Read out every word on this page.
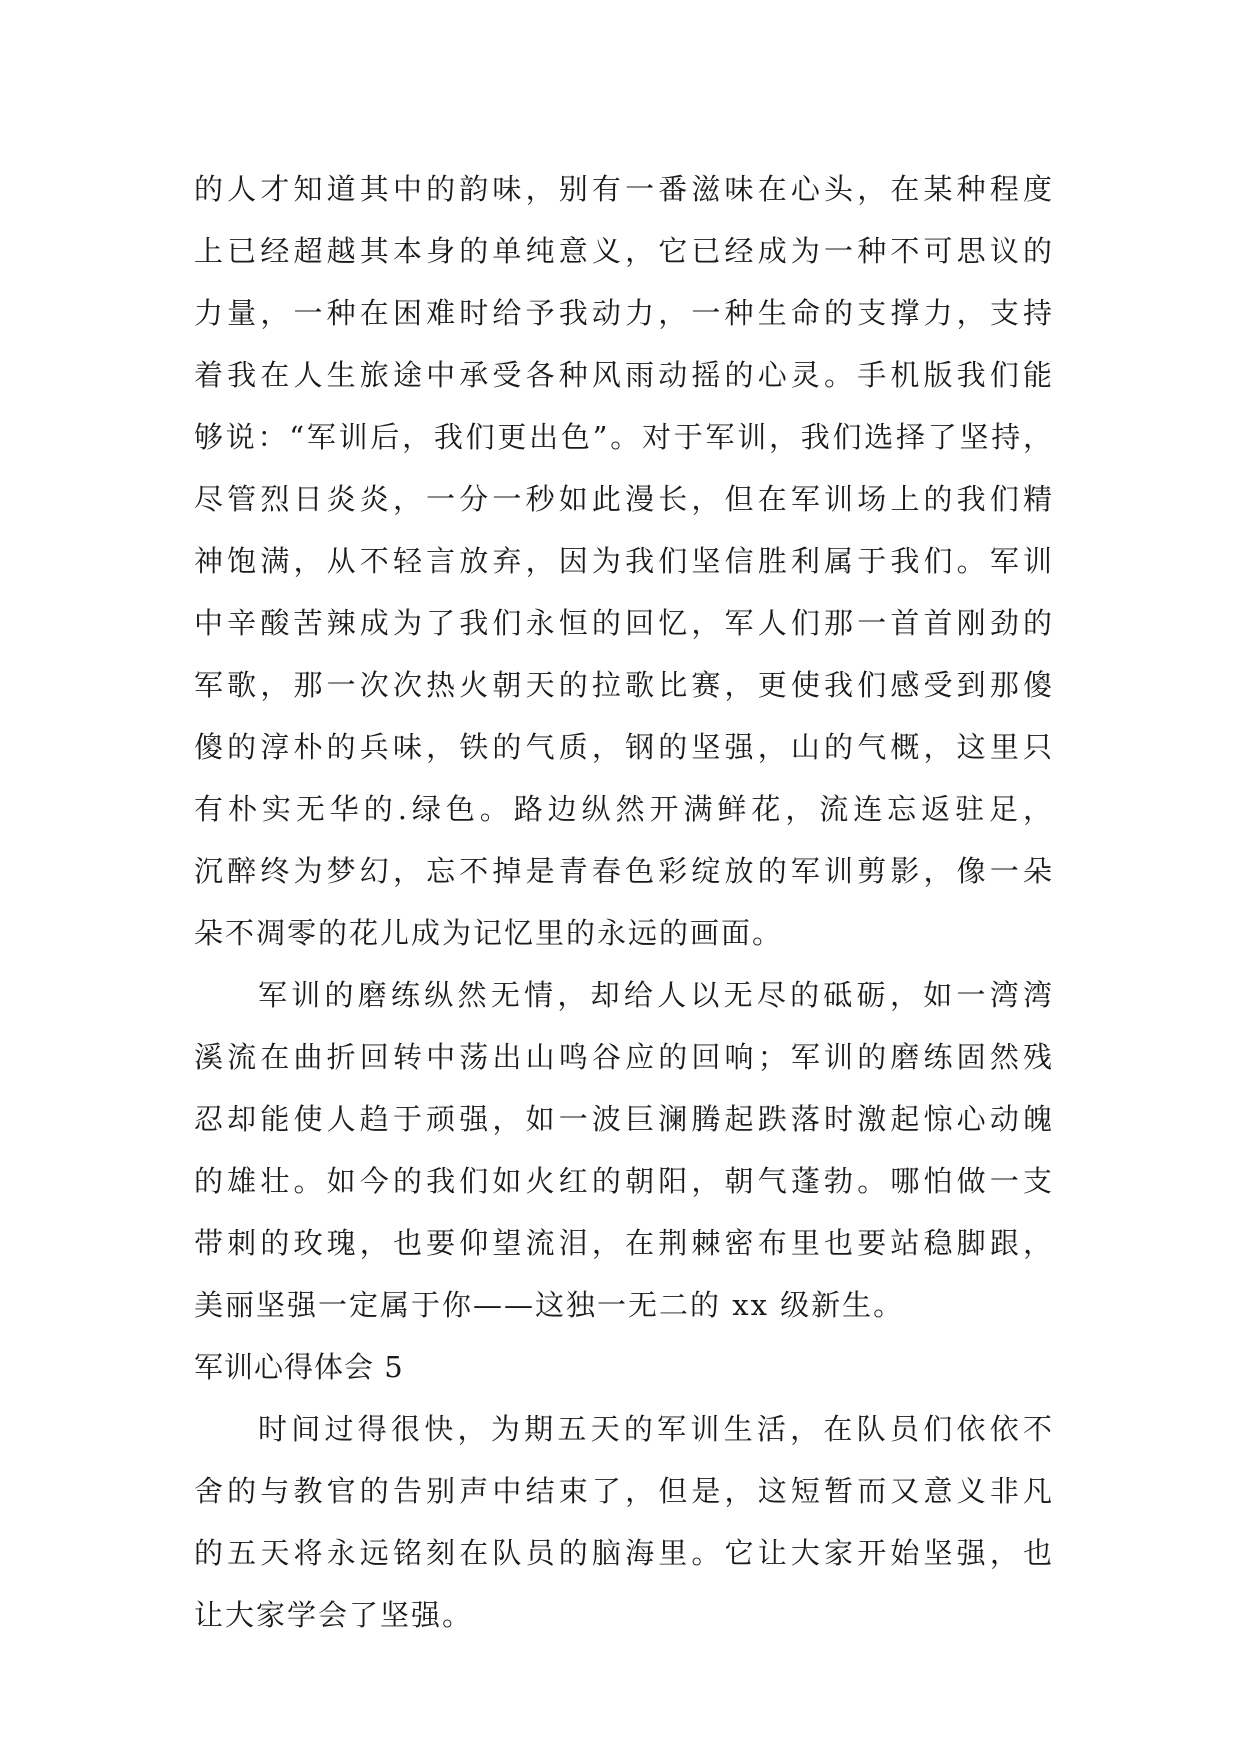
的人才知道其中的韵味，别有一番滋味在心头，在某种程度
上已经超越其本身的单纯意义，它已经成为一种不可思议的
力量，一种在困难时给予我动力，一种生命的支撑力，支持
着我在人生旅途中承受各种风雨动摇的心灵。手机版我们能
够说：“军训后，我们更出色”。对于军训，我们选择了坚持，
尽管烈日炎炎，一分一秒如此漫长，但在军训场上的我们精
神饱满，从不轻言放弃，因为我们坚信胜利属于我们。军训
中辛酸苦辣成为了我们永恒的回忆，军人们那一首首刚劲的
军歌，那一次次热火朝天的拉歌比赛，更使我们感受到那傻
傻的淳朴的兵味，铁的气质，钢的坚强，山的气概，这里只
有朴实无华的.绿色。路边纵然开满鲜花，流连忘返驻足，
沉醉终为梦幻，忘不掉是青春色彩绽放的军训剪影，像一朵
朵不凋零的花儿成为记忆里的永远的画面。
军训的磨练纵然无情，却给人以无尽的砥砺，如一湾湾
溪流在曲折回转中荡出山鸣谷应的回响；军训的磨练固然残
忍却能使人趋于顽强，如一波巨澜腾起跌落时激起惊心动魄
的雄壮。如今的我们如火红的朝阳，朝气蓬勃。哪怕做一支
带刺的玫瑰，也要仰望流泪，在荆棘密布里也要站稳脚跟，
美丽坚强一定属于你——这独一无二的 xx 级新生。
军训心得体会 5
时间过得很快，为期五天的军训生活，在队员们依依不
舍的与教官的告别声中结束了，但是，这短暂而又意义非凡
的五天将永远铭刻在队员的脑海里。它让大家开始坚强，也
让大家学会了坚强。
